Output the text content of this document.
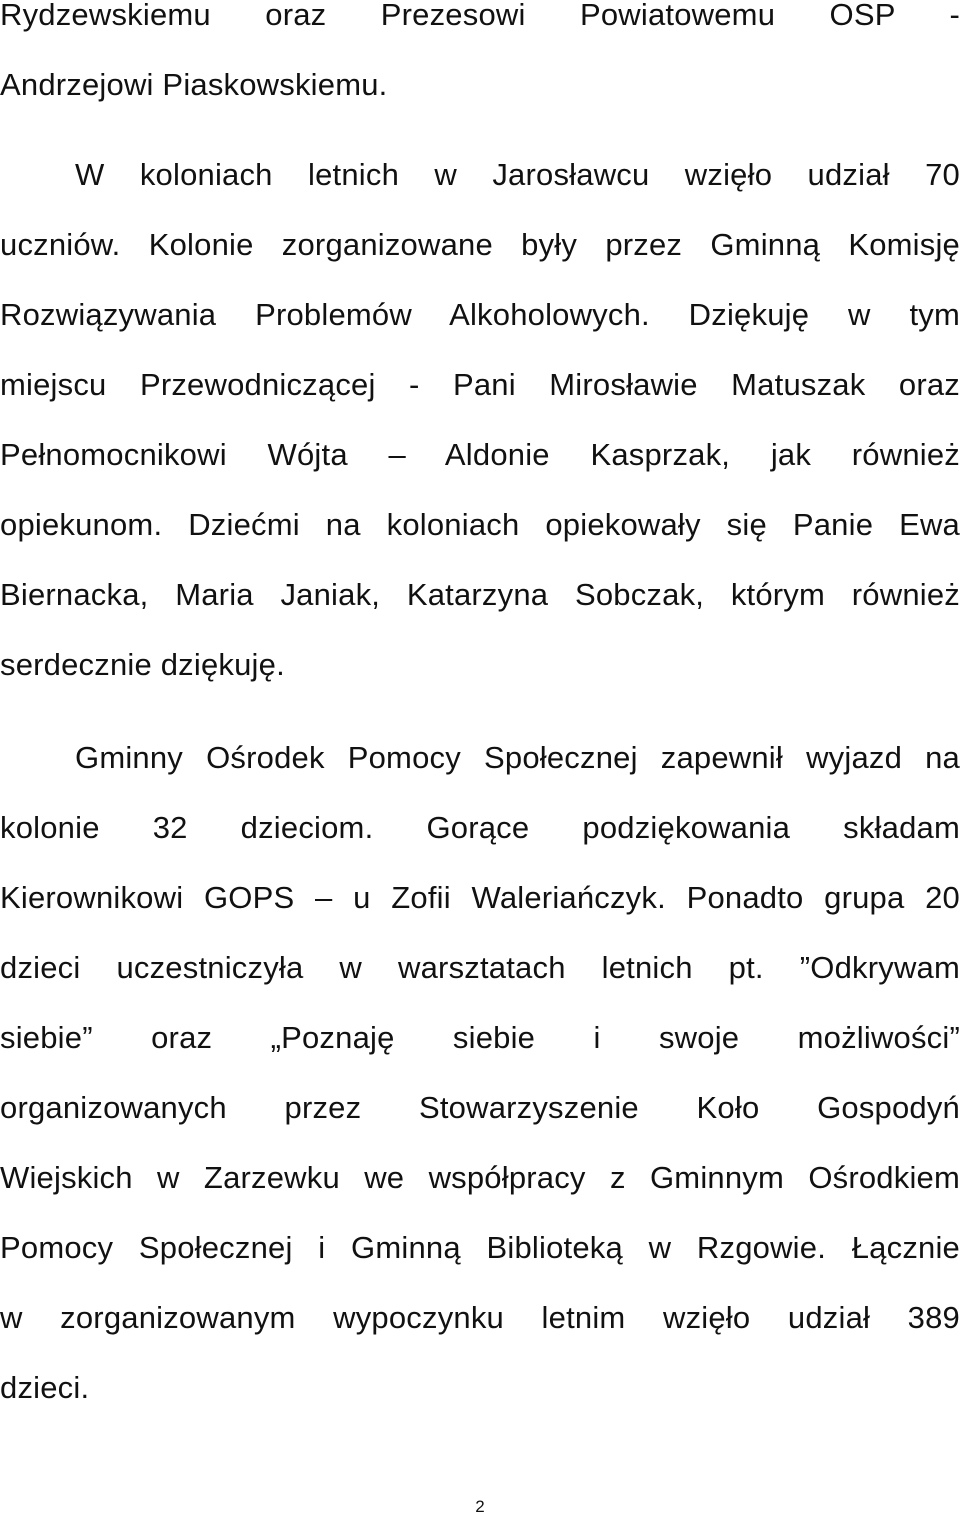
Rydzewskiemu oraz Prezesowi Powiatowemu OSP -
Andrzejowi Piaskowskiemu.
W koloniach letnich w Jarosławcu wzięło udział 70
uczniów. Kolonie zorganizowane były przez Gminną Komisję
Rozwiązywania Problemów Alkoholowych. Dziękuję w tym
miejscu Przewodniczącej - Pani Mirosławie Matuszak oraz
Pełnomocnikowi Wójta – Aldonie Kasprzak, jak również
opiekunom. Dziećmi na koloniach opiekowały się Panie Ewa
Biernacka, Maria Janiak, Katarzyna Sobczak, którym również
serdecznie dziękuję.
Gminny Ośrodek Pomocy Społecznej zapewnił wyjazd na
kolonie 32 dzieciom. Gorące podziękowania składam
Kierownikowi GOPS – u Zofii Waleriańczyk. Ponadto grupa 20
dzieci uczestniczyła w warsztatach letnich pt. ”Odkrywam
siebie” oraz „Poznaję siebie i swoje możliwości”
organizowanych przez Stowarzyszenie Koło Gospodyń
Wiejskich w Zarzewku we współpracy z Gminnym Ośrodkiem
Pomocy Społecznej i Gminną Biblioteką w Rzgowie. Łącznie
w zorganizowanym wypoczynku letnim wzięło udział 389
dzieci.
2
